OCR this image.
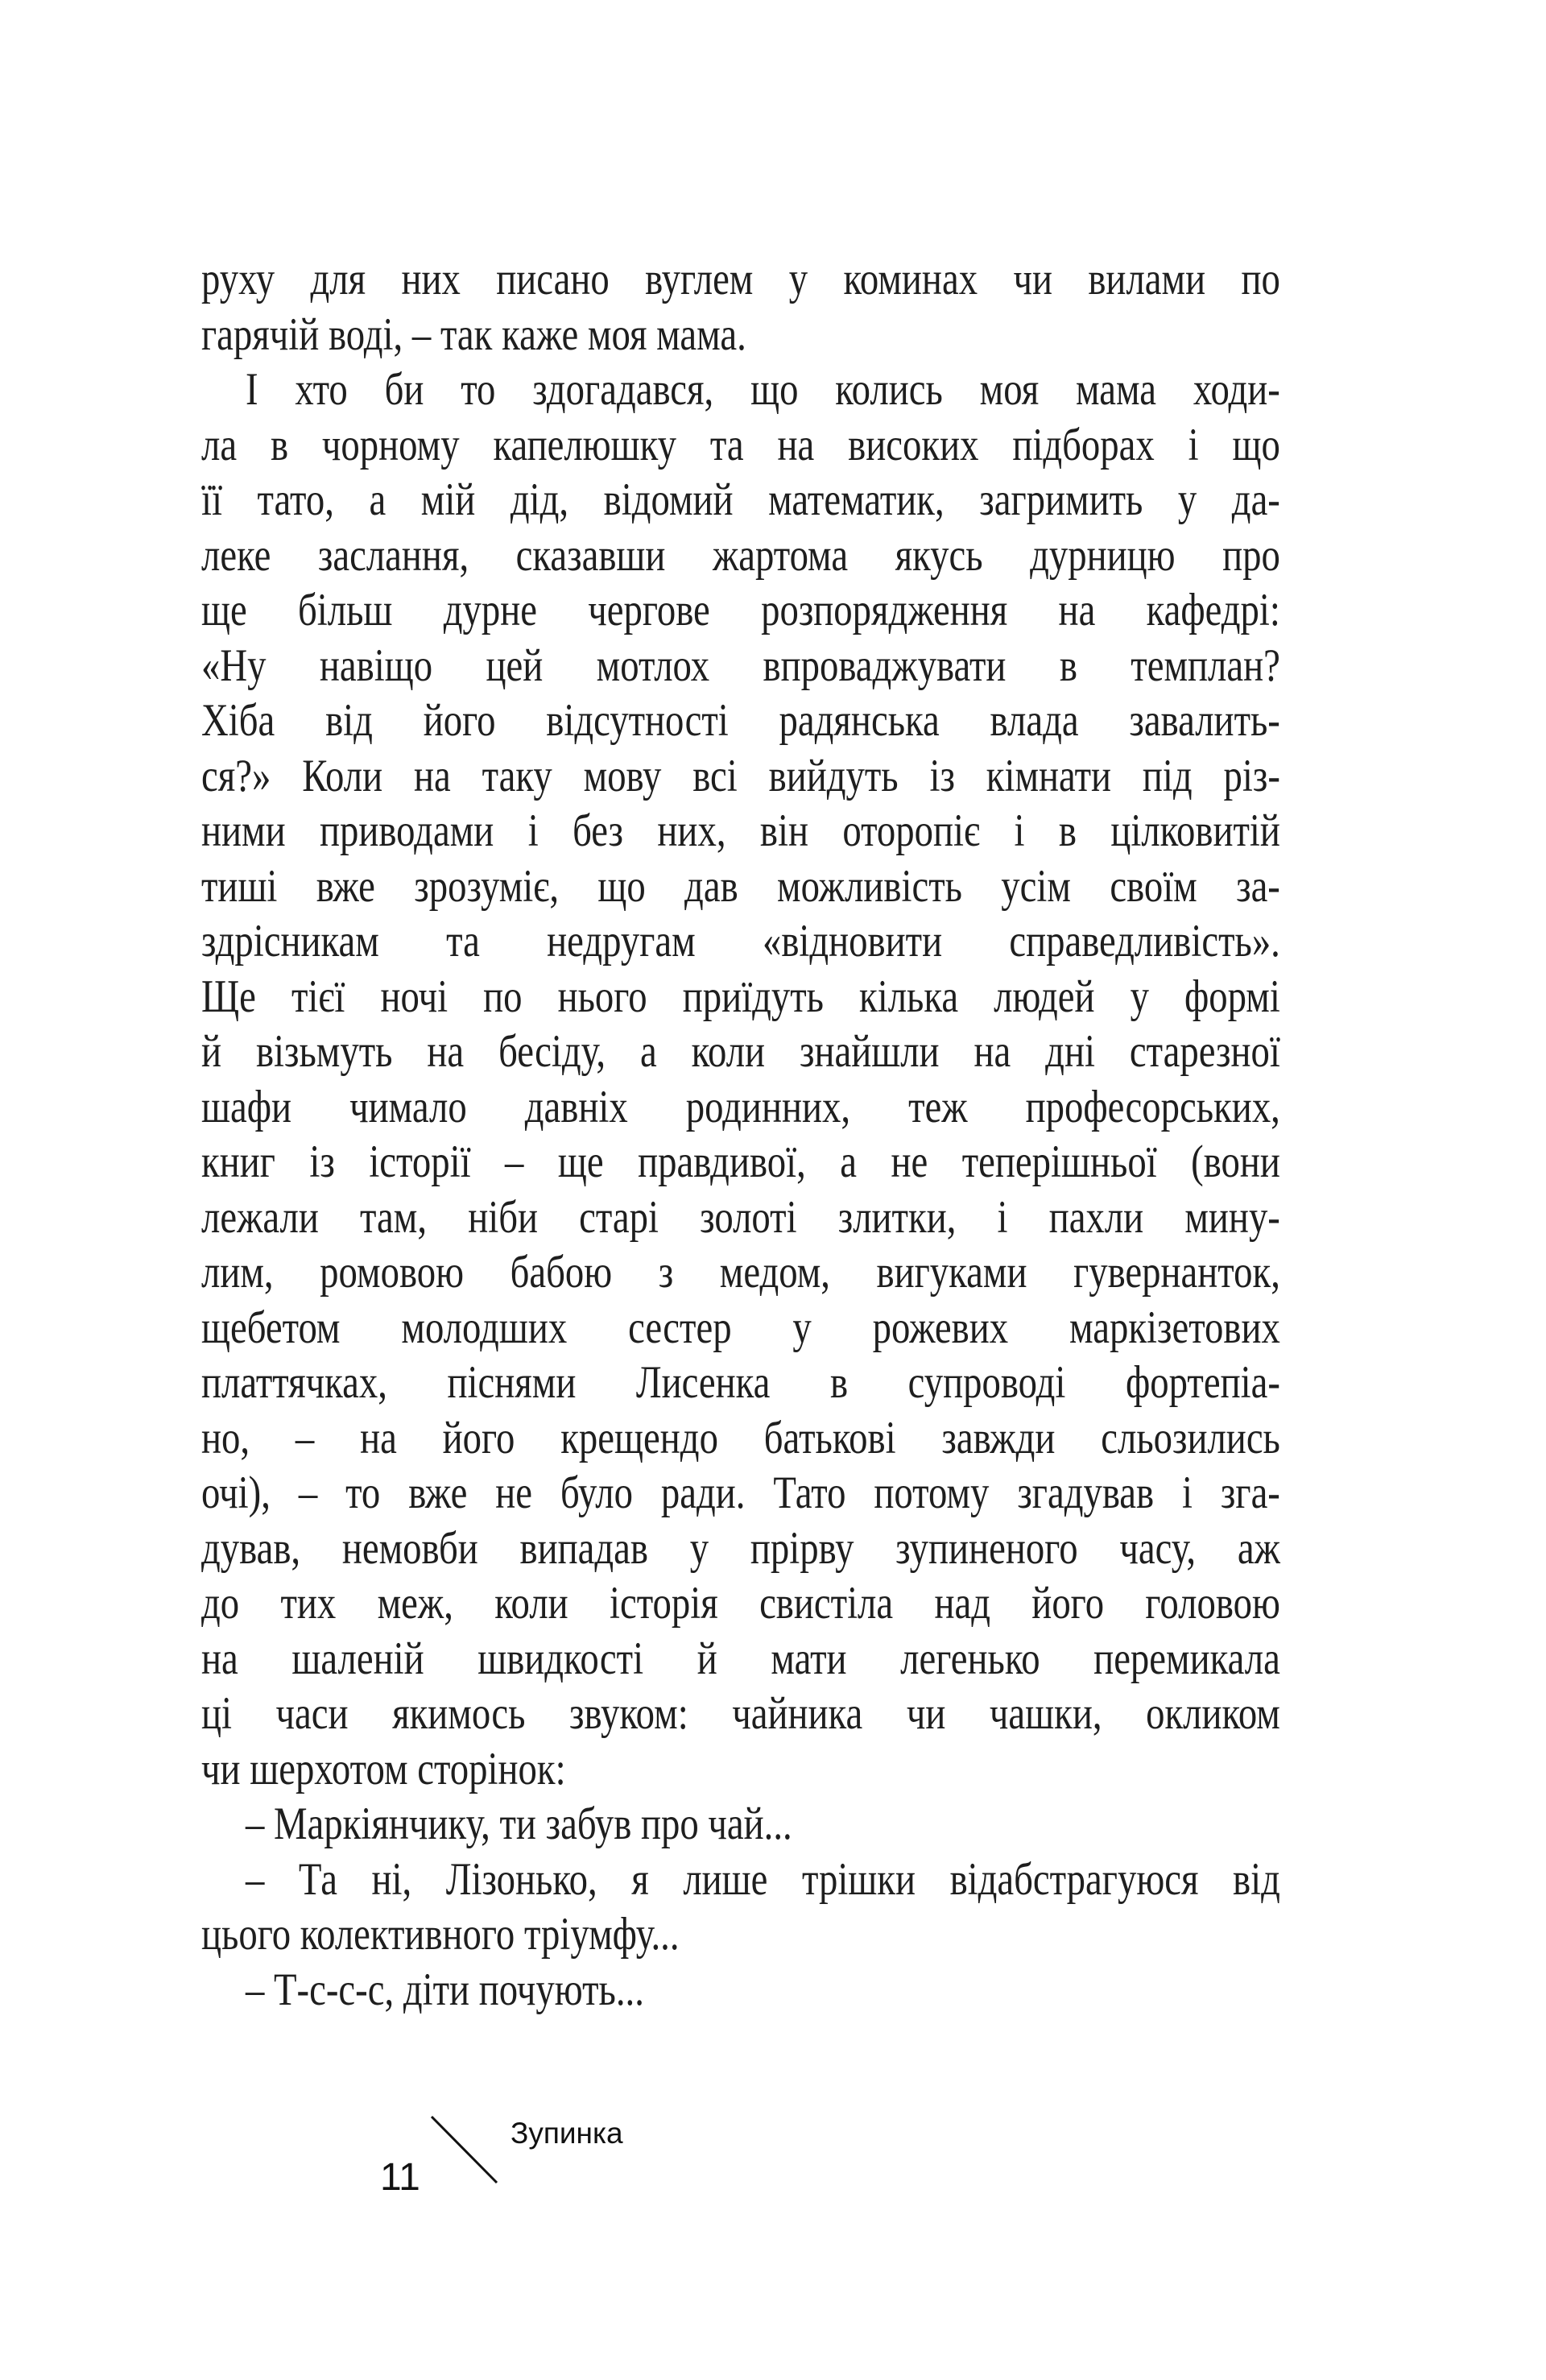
руху для них писано вуглем у коминах чи вилами по
гарячій воді, – так каже моя мама.
І хто би то здогадався, що колись моя мама ходи-
ла в чорному капелюшку та на високих підборах і що
її тато, а мій дід, відомий математик, загримить у да-
леке заслання, сказавши жартома якусь дурницю про
ще більш дурне чергове розпорядження на кафедрі:
«Ну навіщо цей мотлох впроваджувати в темплан?
Хіба від його відсутності радянська влада завалить-
ся?» Коли на таку мову всі вийдуть із кімнати під різ-
ними приводами і без них, він оторопіє і в цілковитій
тиші вже зрозуміє, що дав можливість усім своїм за-
здрісникам та недругам «відновити справедливість».
Ще тієї ночі по нього приїдуть кілька людей у формі
й візьмуть на бесіду, а коли знайшли на дні старезної
шафи чимало давніх родинних, теж професорських,
книг із історії – ще правдивої, а не теперішньої (вони
лежали там, ніби старі золоті злитки, і пахли мину-
лим, ромовою бабою з медом, вигуками гувернанток,
щебетом молодших сестер у рожевих маркізетових
платтячках, піснями Лисенка в супроводі фортепіа-
но, – на його крещендо батькові завжди сльозились
очі), – то вже не було ради. Тато потому згадував і зга-
дував, немовби випадав у прірву зупиненого часу, аж
до тих меж, коли історія свистіла над його головою
на шаленій швидкості й мати легенько перемикала
ці часи якимось звуком: чайника чи чашки, окликом
чи шерхотом сторінок:
– Маркіянчику, ти забув про чай...
– Та ні, Лізонько, я лише трішки відабстрагуюся від
цього колективного тріумфу...
– Т-с-с-с, діти почують...
11
Зупинка
